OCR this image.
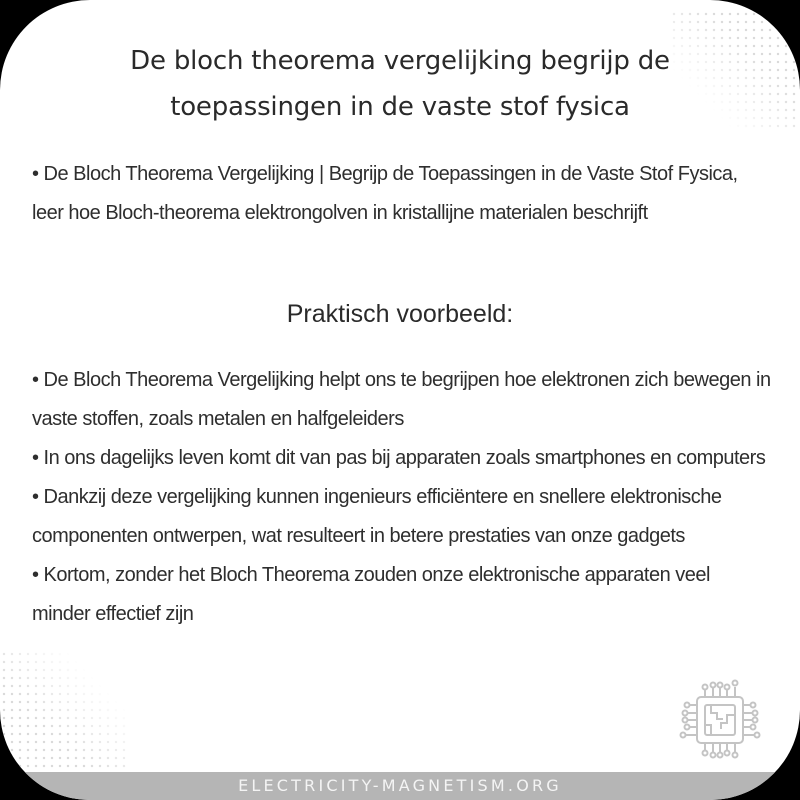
De bloch theorema vergelijking begrijp de toepassingen in de vaste stof fysica
• De Bloch Theorema Vergelijking | Begrijp de Toepassingen in de Vaste Stof Fysica, leer hoe Bloch-theorema elektrongolven in kristallijne materialen beschrijft
Praktisch voorbeeld:

• De Bloch Theorema Vergelijking helpt ons te begrijpen hoe elektronen zich bewegen in vaste stoffen, zoals metalen en halfgeleiders

• In ons dagelijks leven komt dit van pas bij apparaten zoals smartphones en computers

• Dankzij deze vergelijking kunnen ingenieurs efficiëntere en snellere elektronische componenten ontwerpen, wat resulteert in betere prestaties van onze gadgets

• Kortom, zonder het Bloch Theorema zouden onze elektronische apparaten veel minder effectief zijn

ELECTRICITY-MAGNETISM.ORG
